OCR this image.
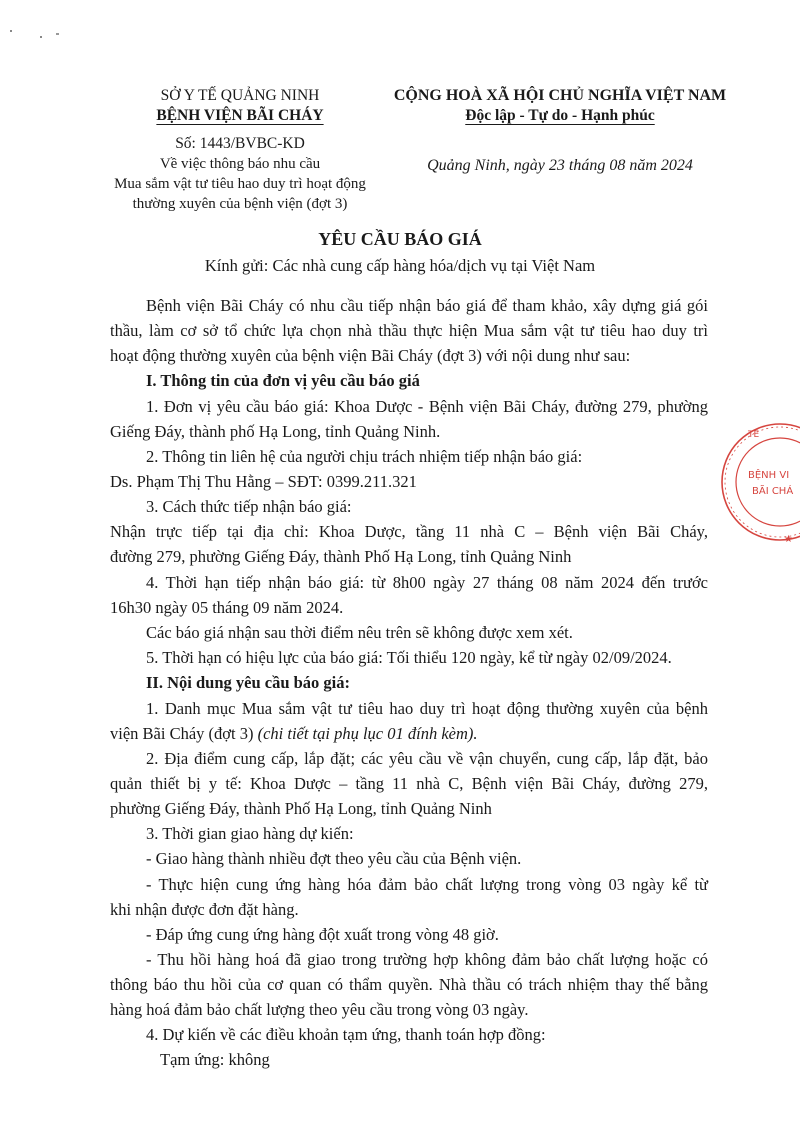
SỞ Y TẾ QUẢNG NINH
BỆNH VIỆN BÃI CHÁY
Số: 1443/BVBC-KD
Về việc thông báo nhu cầu
Mua sắm vật tư tiêu hao duy trì hoạt động
thường xuyên của bệnh viện (đợt 3)
CỘNG HOÀ XÃ HỘI CHỦ NGHĨA VIỆT NAM
Độc lập - Tự do - Hạnh phúc
Quảng Ninh, ngày 23 tháng 08 năm 2024
YÊU CẦU BÁO GIÁ
Kính gửi: Các nhà cung cấp hàng hóa/dịch vụ tại Việt Nam
Bệnh viện Bãi Cháy có nhu cầu tiếp nhận báo giá để tham khảo, xây dựng giá gói
thầu, làm cơ sở tổ chức lựa chọn nhà thầu thực hiện Mua sắm vật tư tiêu hao duy trì
hoạt động thường xuyên của bệnh viện Bãi Cháy (đợt 3) với nội dung như sau:
I. Thông tin của đơn vị yêu cầu báo giá
1. Đơn vị yêu cầu báo giá: Khoa Dược - Bệnh viện Bãi Cháy, đường 279, phường
Giếng Đáy, thành phố Hạ Long, tỉnh Quảng Ninh.
2. Thông tin liên hệ của người chịu trách nhiệm tiếp nhận báo giá:
Ds. Phạm Thị Thu Hằng – SĐT: 0399.211.321
3. Cách thức tiếp nhận báo giá:
Nhận trực tiếp tại địa chỉ: Khoa Dược, tầng 11 nhà C – Bệnh viện Bãi Cháy,
đường 279, phường Giếng Đáy, thành Phố Hạ Long, tỉnh Quảng Ninh
4. Thời hạn tiếp nhận báo giá: từ 8h00 ngày 27 tháng 08 năm 2024 đến trước
16h30 ngày 05 tháng 09 năm 2024.
Các báo giá nhận sau thời điểm nêu trên sẽ không được xem xét.
5. Thời hạn có hiệu lực của báo giá: Tối thiểu 120 ngày, kể từ ngày 02/09/2024.
II. Nội dung yêu cầu báo giá:
1. Danh mục Mua sắm vật tư tiêu hao duy trì hoạt động thường xuyên của bệnh
viện Bãi Cháy (đợt 3) (chi tiết tại phụ lục 01 đính kèm).
2. Địa điểm cung cấp, lắp đặt; các yêu cầu về vận chuyển, cung cấp, lắp đặt, bảo
quản thiết bị y tế: Khoa Dược – tầng 11 nhà C, Bệnh viện Bãi Cháy, đường 279,
phường Giếng Đáy, thành Phố Hạ Long, tỉnh Quảng Ninh
3. Thời gian giao hàng dự kiến:
- Giao hàng thành nhiều đợt theo yêu cầu của Bệnh viện.
- Thực hiện cung ứng hàng hóa đảm bảo chất lượng trong vòng 03 ngày kể từ
khi nhận được đơn đặt hàng.
- Đáp ứng cung ứng hàng đột xuất trong vòng 48 giờ.
- Thu hồi hàng hoá đã giao trong trường hợp không đảm bảo chất lượng hoặc có
thông báo thu hồi của cơ quan có thẩm quyền. Nhà thầu có trách nhiệm thay thế bằng
hàng hoá đảm bảo chất lượng theo yêu cầu trong vòng 03 ngày.
4. Dự kiến về các điều khoản tạm ứng, thanh toán hợp đồng:
Tạm ứng: không
★
TẾ
BỆNH VI
BÃI CHÁ
